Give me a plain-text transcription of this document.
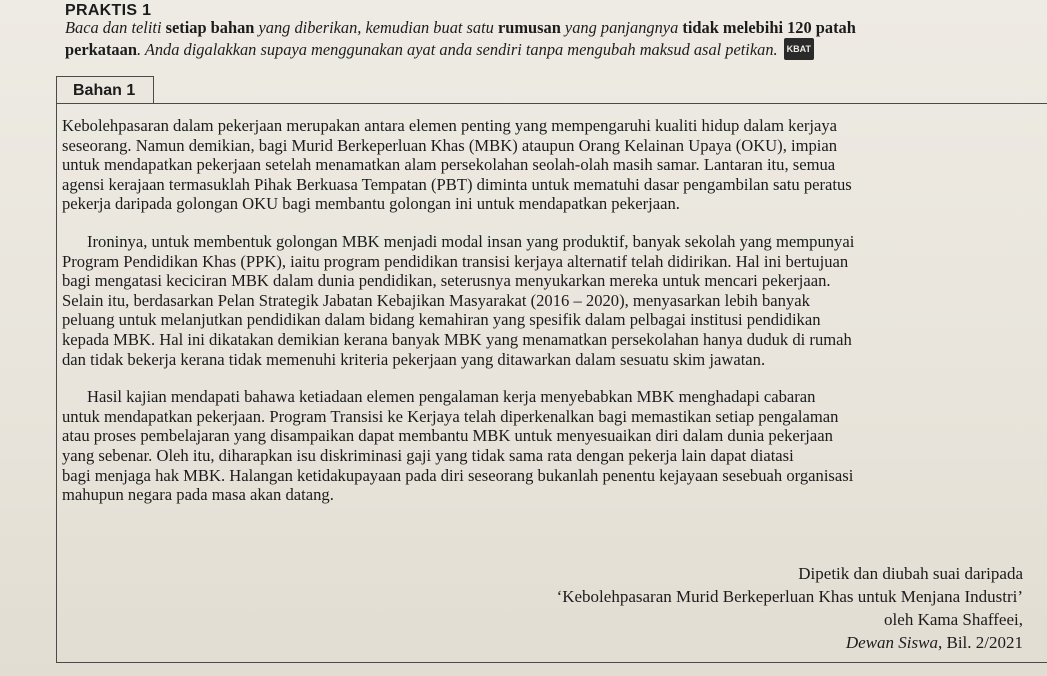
PRAKTIS 1
Baca dan teliti setiap bahan yang diberikan, kemudian buat satu rumusan yang panjangnya tidak melebihi 120 patah
perkataan. Anda digalakkan supaya menggunakan ayat anda sendiri tanpa mengubah maksud asal petikan. KBAT
Bahan 1

Kebolehpasaran dalam pekerjaan merupakan antara elemen penting yang mempengaruhi kualiti hidup dalam kerjaya
seseorang. Namun demikian, bagi Murid Berkeperluan Khas (MBK) ataupun Orang Kelainan Upaya (OKU), impian
untuk mendapatkan pekerjaan setelah menamatkan alam persekolahan seolah-olah masih samar. Lantaran itu, semua
agensi kerajaan termasuklah Pihak Berkuasa Tempatan (PBT) diminta untuk mematuhi dasar pengambilan satu peratus
pekerja daripada golongan OKU bagi membantu golongan ini untuk mendapatkan pekerjaan.

Ironinya, untuk membentuk golongan MBK menjadi modal insan yang produktif, banyak sekolah yang mempunyai
Program Pendidikan Khas (PPK), iaitu program pendidikan transisi kerjaya alternatif telah didirikan. Hal ini bertujuan
bagi mengatasi keciciran MBK dalam dunia pendidikan, seterusnya menyukarkan mereka untuk mencari pekerjaan.
Selain itu, berdasarkan Pelan Strategik Jabatan Kebajikan Masyarakat (2016 – 2020), menyasarkan lebih banyak
peluang untuk melanjutkan pendidikan dalam bidang kemahiran yang spesifik dalam pelbagai institusi pendidikan
kepada MBK. Hal ini dikatakan demikian kerana banyak MBK yang menamatkan persekolahan hanya duduk di rumah
dan tidak bekerja kerana tidak memenuhi kriteria pekerjaan yang ditawarkan dalam sesuatu skim jawatan.

Hasil kajian mendapati bahawa ketiadaan elemen pengalaman kerja menyebabkan MBK menghadapi cabaran
untuk mendapatkan pekerjaan. Program Transisi ke Kerjaya telah diperkenalkan bagi memastikan setiap pengalaman
atau proses pembelajaran yang disampaikan dapat membantu MBK untuk menyesuaikan diri dalam dunia pekerjaan
yang sebenar. Oleh itu, diharapkan isu diskriminasi gaji yang tidak sama rata dengan pekerja lain dapat diatasi
bagi menjaga hak MBK. Halangan ketidakupayaan pada diri seseorang bukanlah penentu kejayaan sesebuah organisasi
mahupun negara pada masa akan datang.

Dipetik dan diubah suai daripada
‘Kebolehpasaran Murid Berkeperluan Khas untuk Menjana Industri’
oleh Kama Shaffeei,
Dewan Siswa, Bil. 2/2021
